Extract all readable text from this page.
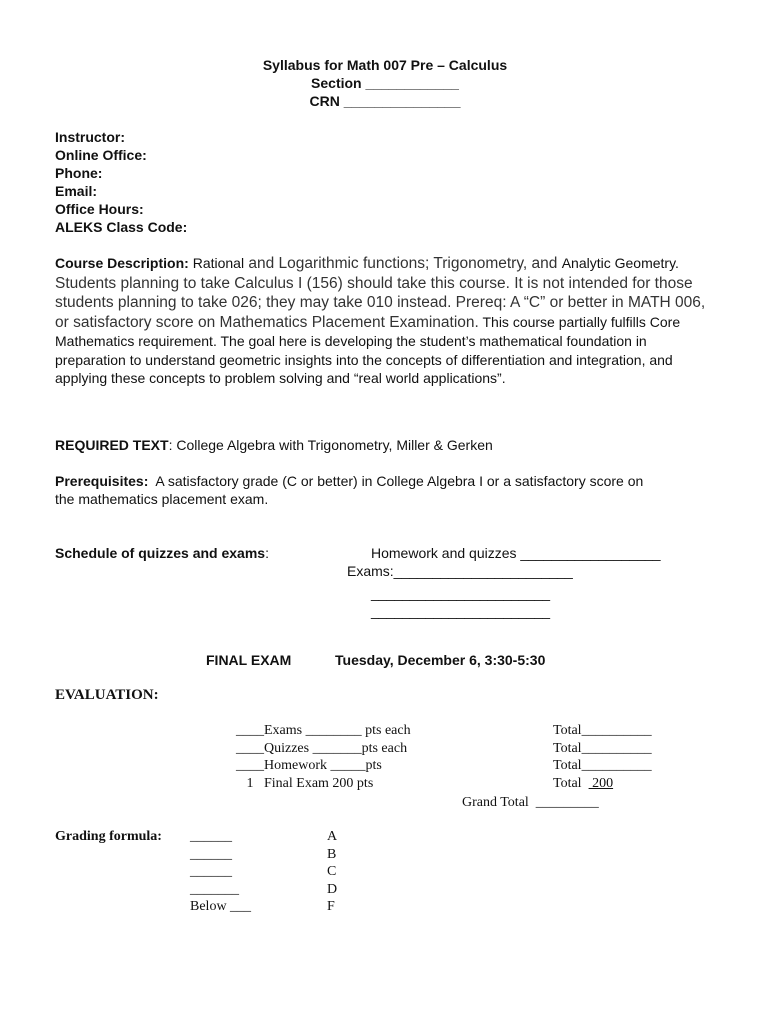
Syllabus for Math 007 Pre – Calculus
Section ____________
CRN _______________
Instructor:
Online Office:
Phone:
Email:
Office Hours:
ALEKS Class Code:
Course Description: Rational and Logarithmic functions; Trigonometry, and Analytic Geometry. Students planning to take Calculus I (156) should take this course. It is not intended for those students planning to take 026; they may take 010 instead. Prereq: A “C” or better in MATH 006, or satisfactory score on Mathematics Placement Examination. This course partially fulfills Core Mathematics requirement. The goal here is developing the student’s mathematical foundation in preparation to understand geometric insights into the concepts of differentiation and integration, and applying these concepts to problem solving and “real world applications”.
REQUIRED TEXT: College Algebra with Trigonometry, Miller & Gerken
Prerequisites:  A satisfactory grade (C or better) in College Algebra I or a satisfactory score on
the mathematics placement exam.
Schedule of quizzes and exams:	Homework and quizzes __________________
Exams:_______________________
_______________________
_______________________
FINAL EXAM	Tuesday, December 6, 3:30-5:30
EVALUATION:
____Exams ________ pts each
____Quizzes _______pts each
____Homework _____pts
1   Final Exam 200 pts
Total__________
Total__________
Total__________
Total   200
Grand Total  _________
Grading formula: ______
______
______
_______
Below ___
A
B
C
D
F
